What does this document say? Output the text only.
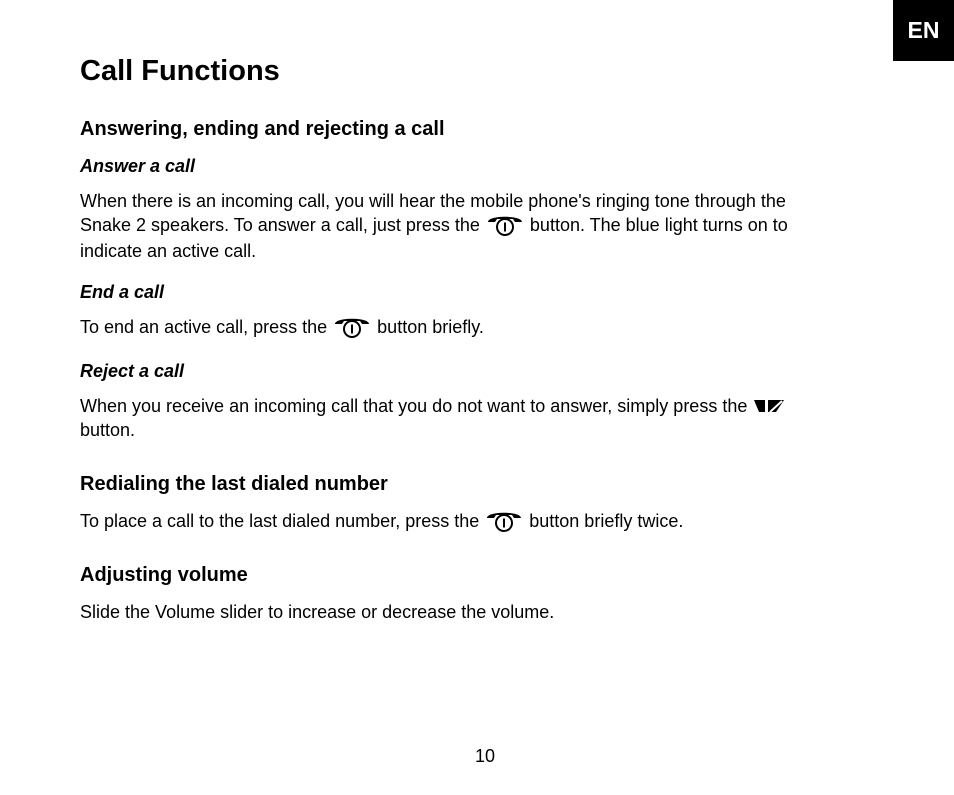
EN
Call Functions
Answering, ending and rejecting a call
Answer a call

When there is an incoming call, you will hear the mobile phone's ringing tone through the
Snake 2 speakers. To answer a call, just press the	button. The blue light turns on to
indicate an active call.

End a call

To end an active call, press the	button briefly.

Reject a call

When you receive an incoming call that you do not want to answer, simply press the
button.

Redialing the last dialed number

To place a call to the last dialed number, press the	button briefly twice.

Adjusting volume

Slide the Volume slider to increase or decrease the volume.

10
